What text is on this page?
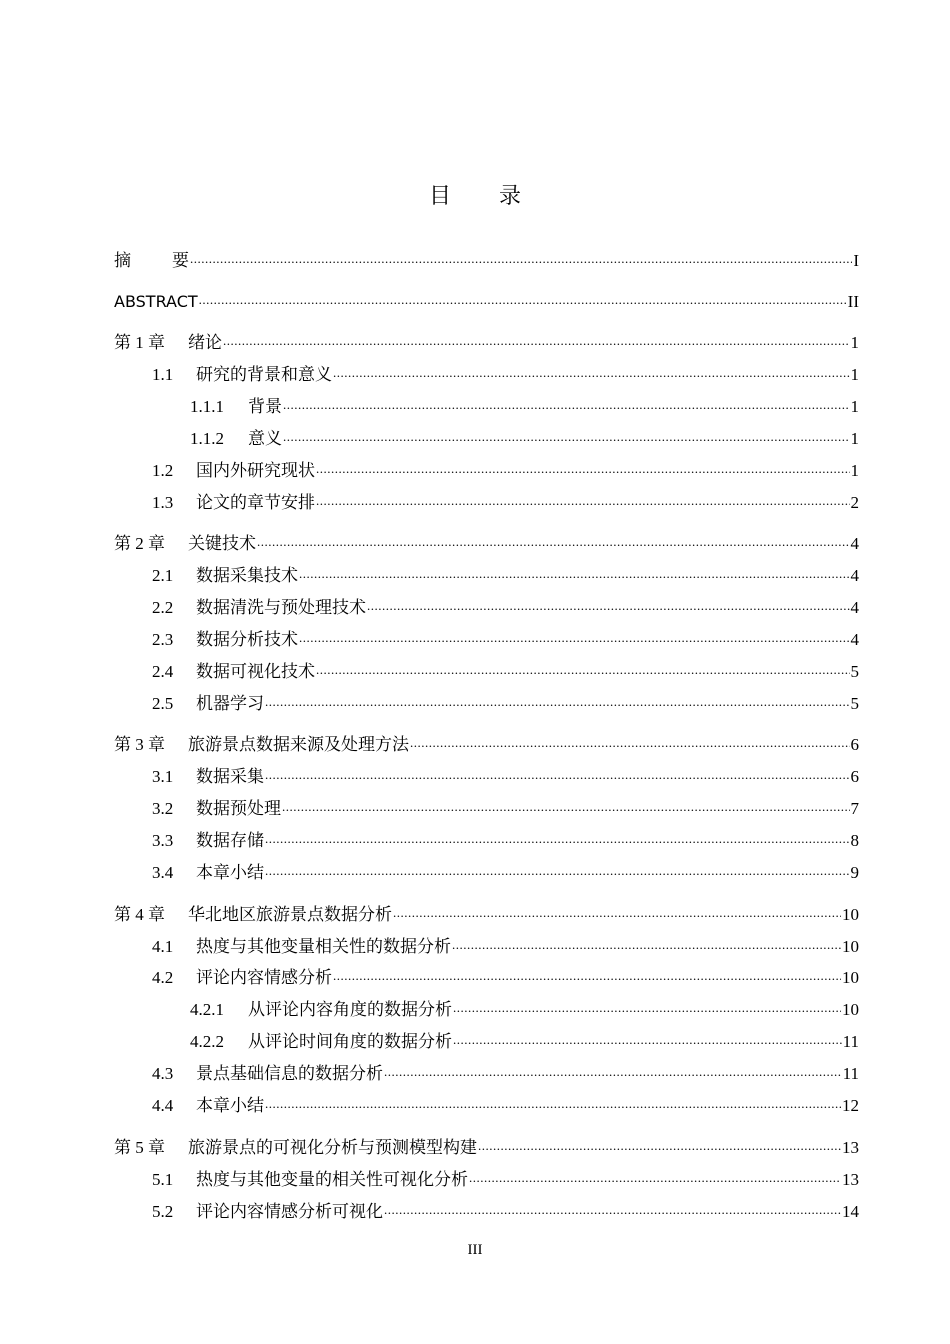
目 录
摘	要 .....	I
ABSTRACT .....	II
第 1 章	绪论 .....	1
1.1	研究的背景和意义 .....	1
1.1.1	背景 .....	1
1.1.2	意义 .....	1
1.2	国内外研究现状 .....	1
1.3	论文的章节安排 .....	2
第 2 章	关键技术 .....	4
2.1	数据采集技术 .....	4
2.2	数据清洗与预处理技术 .....	4
2.3	数据分析技术 .....	4
2.4	数据可视化技术 .....	5
2.5	机器学习 .....	5
第 3 章	旅游景点数据来源及处理方法 .....	6
3.1	数据采集 .....	6
3.2	数据预处理 .....	7
3.3	数据存储 .....	8
3.4	本章小结 .....	9
第 4 章	华北地区旅游景点数据分析 .....	10
4.1	热度与其他变量相关性的数据分析 .....	10
4.2	评论内容情感分析 .....	10
4.2.1	从评论内容角度的数据分析 .....	10
4.2.2	从评论时间角度的数据分析 .....	11
4.3	景点基础信息的数据分析 .....	11
4.4	本章小结 .....	12
第 5 章	旅游景点的可视化分析与预测模型构建 .....	13
5.1	热度与其他变量的相关性可视化分析 .....	13
5.2	评论内容情感分析可视化 .....	14
III
